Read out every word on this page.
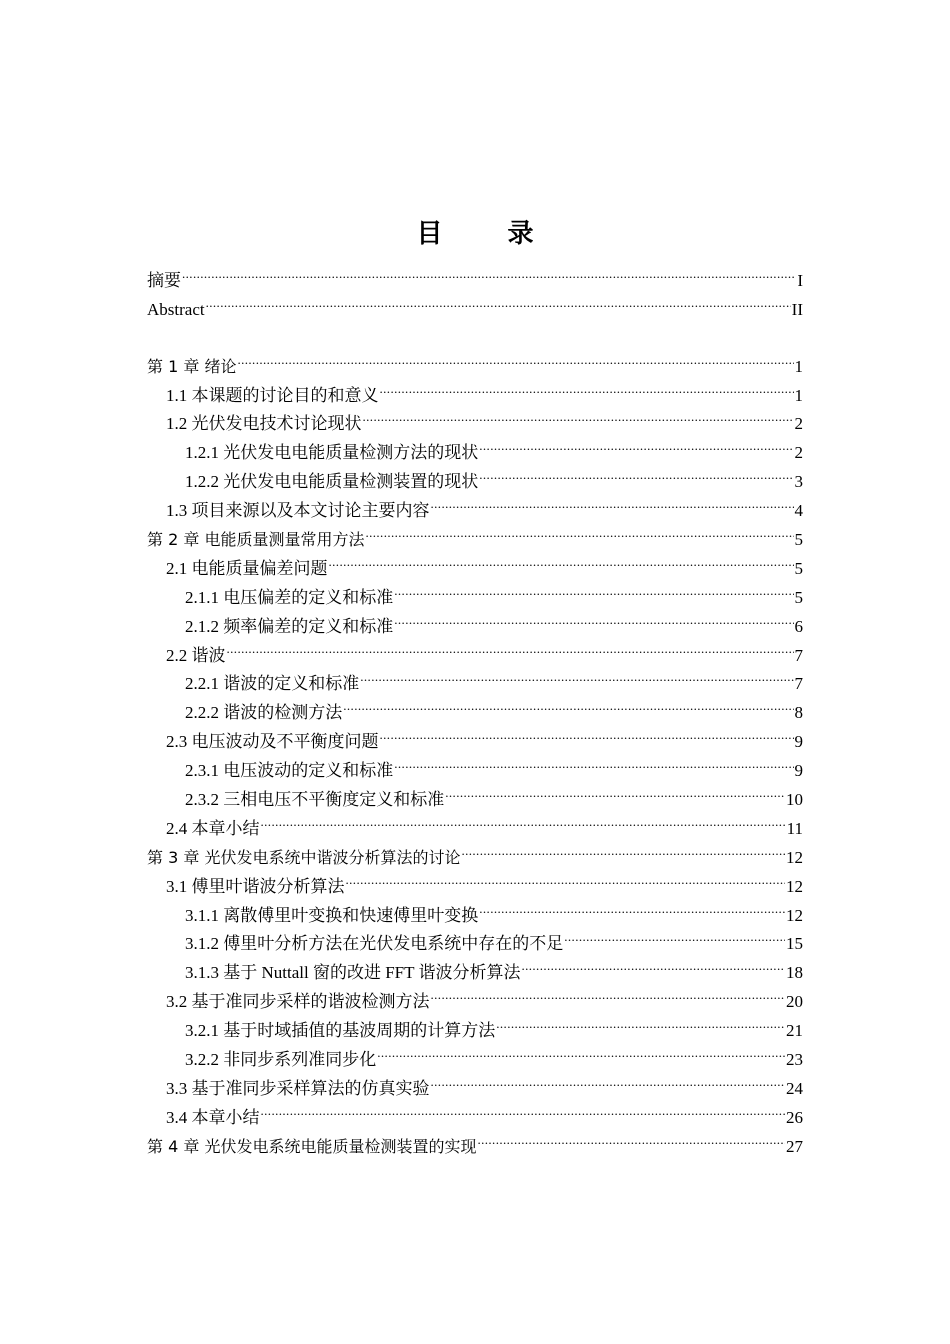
目 录
摘要 .....	I
Abstract .....	II
第 1 章 绪论 .....	1
1.1 本课题的讨论目的和意义 .....	1
1.2 光伏发电技术讨论现状 .....	2
1.2.1 光伏发电电能质量检测方法的现状 .....	2
1.2.2 光伏发电电能质量检测装置的现状 .....	3
1.3 项目来源以及本文讨论主要内容 .....	4
第 2 章 电能质量测量常用方法 .....	5
2.1 电能质量偏差问题 .....	5
2.1.1 电压偏差的定义和标准 .....	5
2.1.2 频率偏差的定义和标准 .....	6
2.2 谐波 .....	7
2.2.1 谐波的定义和标准 .....	7
2.2.2 谐波的检测方法 .....	8
2.3 电压波动及不平衡度问题 .....	9
2.3.1 电压波动的定义和标准 .....	9
2.3.2 三相电压不平衡度定义和标准 .....	10
2.4 本章小结 .....	11
第 3 章 光伏发电系统中谐波分析算法的讨论 .....	12
3.1 傅里叶谐波分析算法 .....	12
3.1.1 离散傅里叶变换和快速傅里叶变换 .....	12
3.1.2 傅里叶分析方法在光伏发电系统中存在的不足 .....	15
3.1.3 基于 Nuttall 窗的改进 FFT 谐波分析算法 .....	18
3.2 基于准同步采样的谐波检测方法 .....	20
3.2.1 基于时域插值的基波周期的计算方法 .....	21
3.2.2 非同步系列准同步化 .....	23
3.3 基于准同步采样算法的仿真实验 .....	24
3.4 本章小结 .....	26
第 4 章 光伏发电系统电能质量检测装置的实现 .....	27
